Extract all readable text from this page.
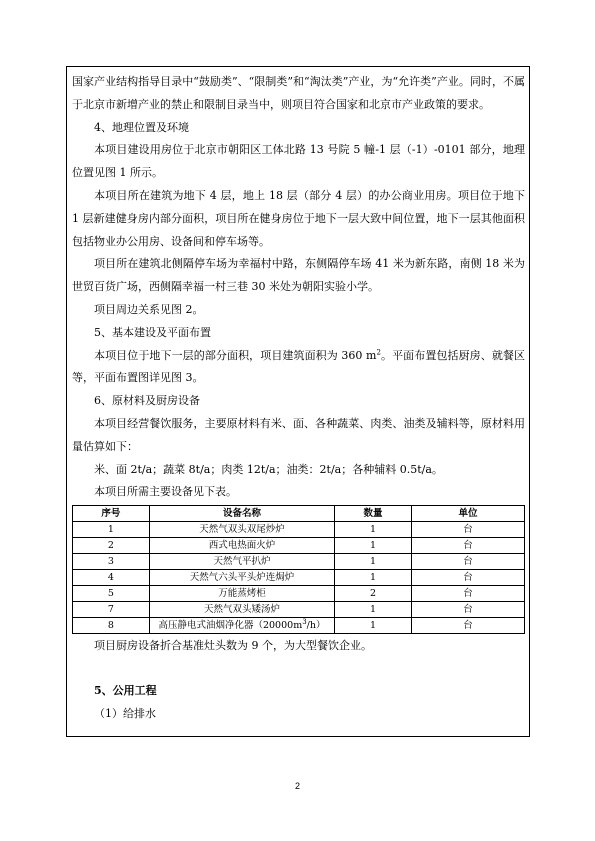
国家产业结构指导目录中“鼓励类”、“限制类”和“淘汰类”产业，为“允许类”产业。同时，不属于北京市新增产业的禁止和限制目录当中，则项目符合国家和北京市产业政策的要求。

4、地理位置及环境

本项目建设用房位于北京市朝阳区工体北路 13 号院 5 幢-1 层（-1）-0101 部分，地理位置见图 1 所示。

本项目所在建筑为地下 4 层，地上 18 层（部分 4 层）的办公商业用房。项目位于地下 1 层新建健身房内部分面积，项目所在健身房位于地下一层大致中间位置，地下一层其他面积包括物业办公用房、设备间和停车场等。

项目所在建筑北侧隔停车场为幸福村中路，东侧隔停车场 41 米为新东路，南侧 18 米为世贸百货广场，西侧隔幸福一村三巷 30 米处为朝阳实验小学。

项目周边关系见图 2。

5、基本建设及平面布置

本项目位于地下一层的部分面积，项目建筑面积为 360 $m^2$。平面布置包括厨房、就餐区等，平面布置图详见图 3。

6、原材料及厨房设备

本项目经营餐饮服务，主要原材料有米、面、各种蔬菜、肉类、油类及辅料等，原材料用量估算如下：

米、面 2t/a；蔬菜 8t/a；肉类 12t/a；油类：2t/a；各种辅料 0.5t/a。

本项目所需主要设备见下表。

序号	设备名称	数量	单位
1	天然气双头双尾炒炉	1	台
2	西式电热面火炉	1	台
3	天然气平扒炉	1	台
4	天然气六头平头炉连焗炉	1	台
5	万能蒸烤柜	2	台
7	天然气双头矮汤炉	1	台
8	高压静电式油烟净化器$(20000m^3/h)$	1	台

项目厨房设备折合基准灶头数为 9 个，为大型餐饮企业。

5、公用工程

（1）给排水

2
